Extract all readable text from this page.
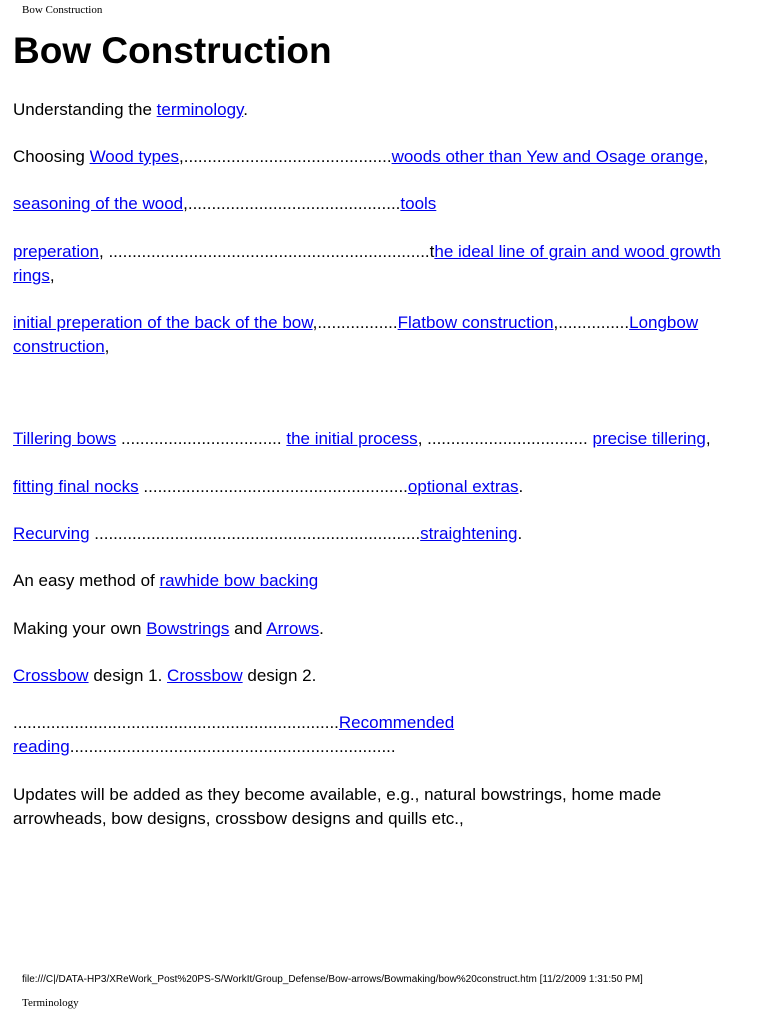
Bow Construction
Bow Construction
Understanding the terminology.
Choosing Wood types,............................................woods other than Yew and Osage orange,
seasoning of the wood,.............................................tools
preperation, ....................................................................the ideal line of grain and wood growth
rings,
initial preperation of the back of the bow,.................Flatbow construction,...............Longbow
construction,
Tillering bows .................................. the initial process, .................................. precise tillering,
fitting final nocks ........................................................optional extras.
Recurving .....................................................................straightening.
An easy method of rawhide bow backing
Making your own Bowstrings and Arrows.
Crossbow design 1. Crossbow design 2.
.....................................................................Recommended
reading.....................................................................
Updates will be added as they become available, e.g., natural bowstrings, home made
arrowheads, bow designs, crossbow designs and quills etc.,
file:///C|/DATA-HP3/XReWork_Post%20PS-S/WorkIt/Group_Defense/Bow-arrows/Bowmaking/bow%20construct.htm [11/2/2009 1:31:50 PM]
Terminology
